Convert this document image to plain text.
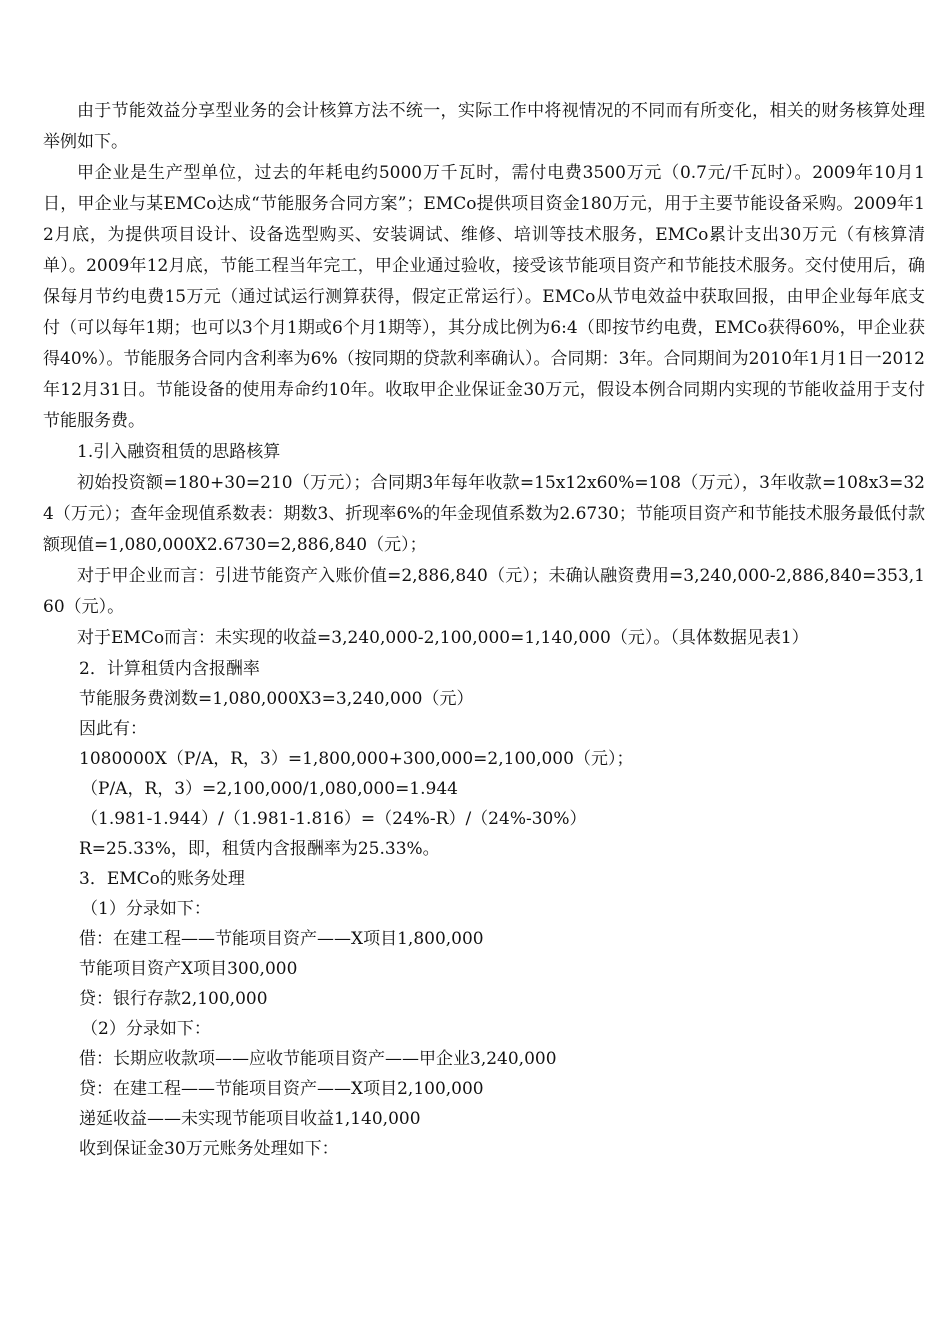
由于节能效益分享型业务的会计核算方法不统一，实际工作中将视情况的不同而有所变化，相关的财务核算处理举例如下。

甲企业是生产型单位，过去的年耗电约5000万千瓦时，需付电费3500万元（0.7元/千瓦时）。2009年10月1日，甲企业与某EMCo达成“节能服务合同方案”；EMCo提供项目资金180万元，用于主要节能设备采购。2009年12月底，为提供项目设计、设备选型购买、安装调试、维修、培训等技术服务，EMCo累计支出30万元（有核算清单）。2009年12月底，节能工程当年完工，甲企业通过验收，接受该节能项目资产和节能技术服务。交付使用后，确保每月节约电费15万元（通过试运行测算获得，假定正常运行）。EMCo从节电效益中获取回报，由甲企业每年底支付（可以每年1期；也可以3个月1期或6个月1期等），其分成比例为6:4（即按节约电费，EMCo获得60%，甲企业获得40%）。节能服务合同内含利率为6%（按同期的贷款利率确认）。合同期：3年。合同期间为2010年1月1日一2012年12月31日。节能设备的使用寿命约10年。收取甲企业保证金30万元，假设本例合同期内实现的节能收益用于支付节能服务费。

1.引入融资租赁的思路核算

初始投资额=180+30=210（万元）；合同期3年每年收款=15x12x60%=108（万元），3年收款=108x3=324（万元）；查年金现值系数表：期数3、折现率6%的年金现值系数为2.6730；节能项目资产和节能技术服务最低付款额现值=1,080,000X2.6730=2,886,840（元）；

对于甲企业而言：引进节能资产入账价值=2,886,840（元）；未确认融资费用=3,240,000-2,886,840=353,160（元）。

对于EMCo而言：未实现的收益=3,240,000-2,100,000=1,140,000（元）。（具体数据见表1）

2．计算租赁内含报酬率

节能服务费浏数=1,080,000X3=3,240,000（元）

因此有：

1080000X（P/A，R，3）=1,800,000+300,000=2,100,000（元）；

（P/A，R，3）=2,100,000/1,080,000=1.944

（1.981-1.944）/（1.981-1.816）=（24%-R）/（24%-30%）

R=25.33%，即，租赁内含报酬率为25.33%。

3．EMCo的账务处理

（1）分录如下：

借：在建工程——节能项目资产——X项目1,800,000

节能项目资产X项目300,000

贷：银行存款2,100,000

（2）分录如下：

借：长期应收款项——应收节能项目资产——甲企业3,240,000

贷：在建工程——节能项目资产——X项目2,100,000

递延收益——未实现节能项目收益1,140,000

收到保证金30万元账务处理如下：
